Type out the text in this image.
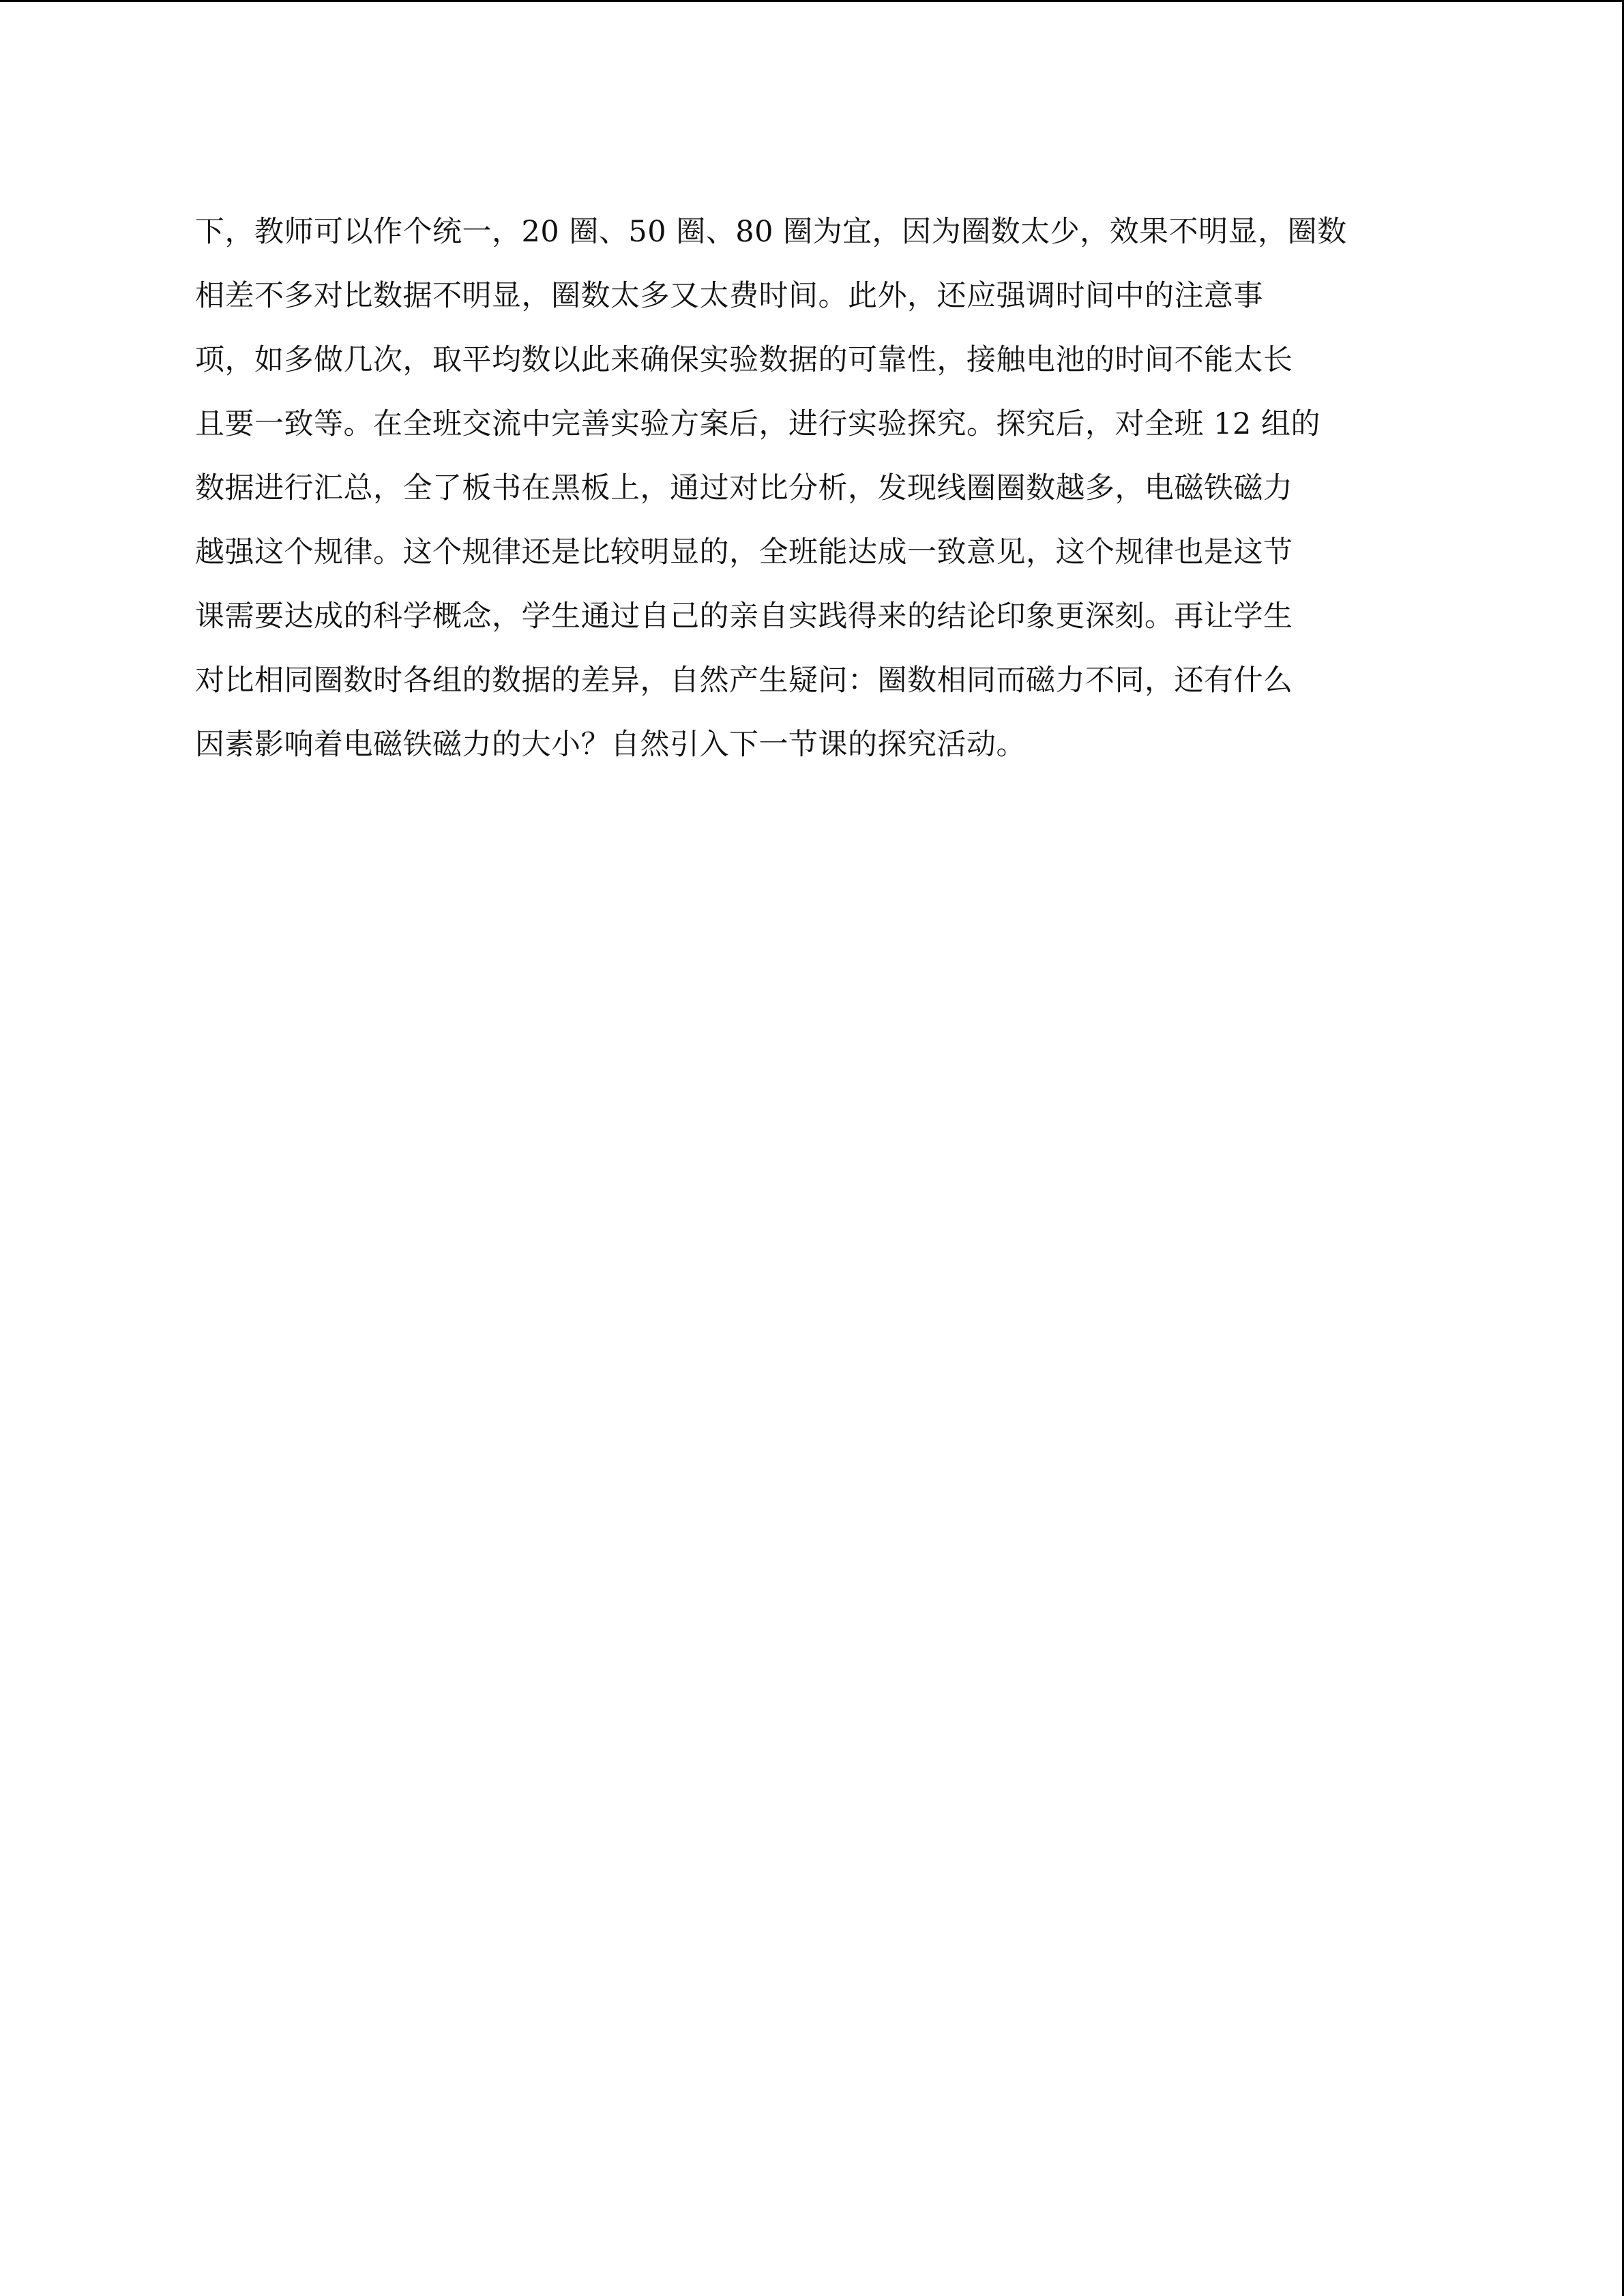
下，教师可以作个统一，20 圈、50 圈、80 圈为宜，因为圈数太少，效果不明显，圈数
相差不多对比数据不明显，圈数太多又太费时间。此外，还应强调时间中的注意事
项，如多做几次，取平均数以此来确保实验数据的可靠性，接触电池的时间不能太长
且要一致等。在全班交流中完善实验方案后，进行实验探究。探究后，对全班 12 组的
数据进行汇总，全了板书在黑板上，通过对比分析，发现线圈圈数越多，电磁铁磁力
越强这个规律。这个规律还是比较明显的，全班能达成一致意见，这个规律也是这节
课需要达成的科学概念，学生通过自己的亲自实践得来的结论印象更深刻。再让学生
对比相同圈数时各组的数据的差异，自然产生疑问：圈数相同而磁力不同，还有什么
因素影响着电磁铁磁力的大小？自然引入下一节课的探究活动。
